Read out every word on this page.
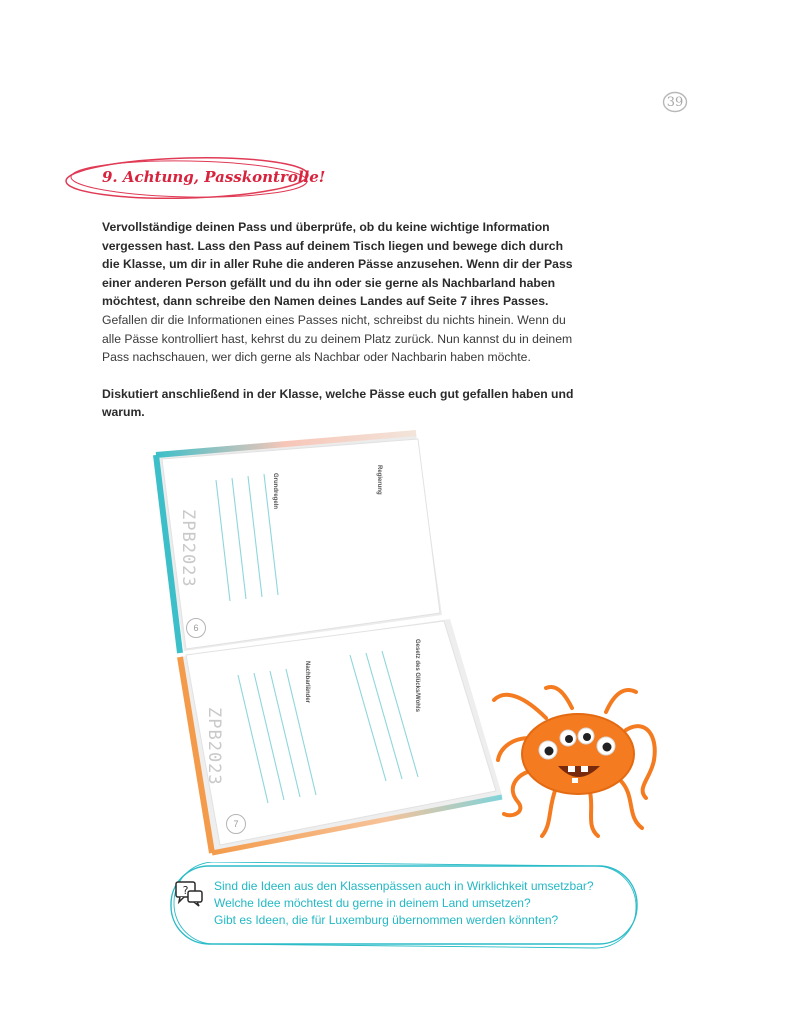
39
9. Achtung, Passkontrolle!

Vervollständige deinen Pass und überprüfe, ob du keine wichtige Information vergessen hast. Lass den Pass auf deinem Tisch liegen und bewege dich durch die Klasse, um dir in aller Ruhe die anderen Pässe anzusehen. Wenn dir der Pass einer anderen Person gefällt und du ihn oder sie gerne als Nachbarland haben möchtest, dann schreibe den Namen deines Landes auf Seite 7 ihres Passes. Gefallen dir die Informationen eines Passes nicht, schreibst du nichts hinein. Wenn du alle Pässe kontrolliert hast, kehrst du zu deinem Platz zurück. Nun kannst du in deinem Pass nachschauen, wer dich gerne als Nachbar oder Nachbarin haben möchte.

Diskutiert anschließend in der Klasse, welche Pässe euch gut gefallen haben und warum.

ZPB2023
Grundregeln	Regierung
6
ZPB2023
Nachbarländer	Gesetz des Glücks/Wohls
7
? Sind die Ideen aus den Klassenpässen auch in Wirklichkeit umsetzbar?
Welche Idee möchtest du gerne in deinem Land umsetzen?
Gibt es Ideen, die für Luxemburg übernommen werden könnten?
